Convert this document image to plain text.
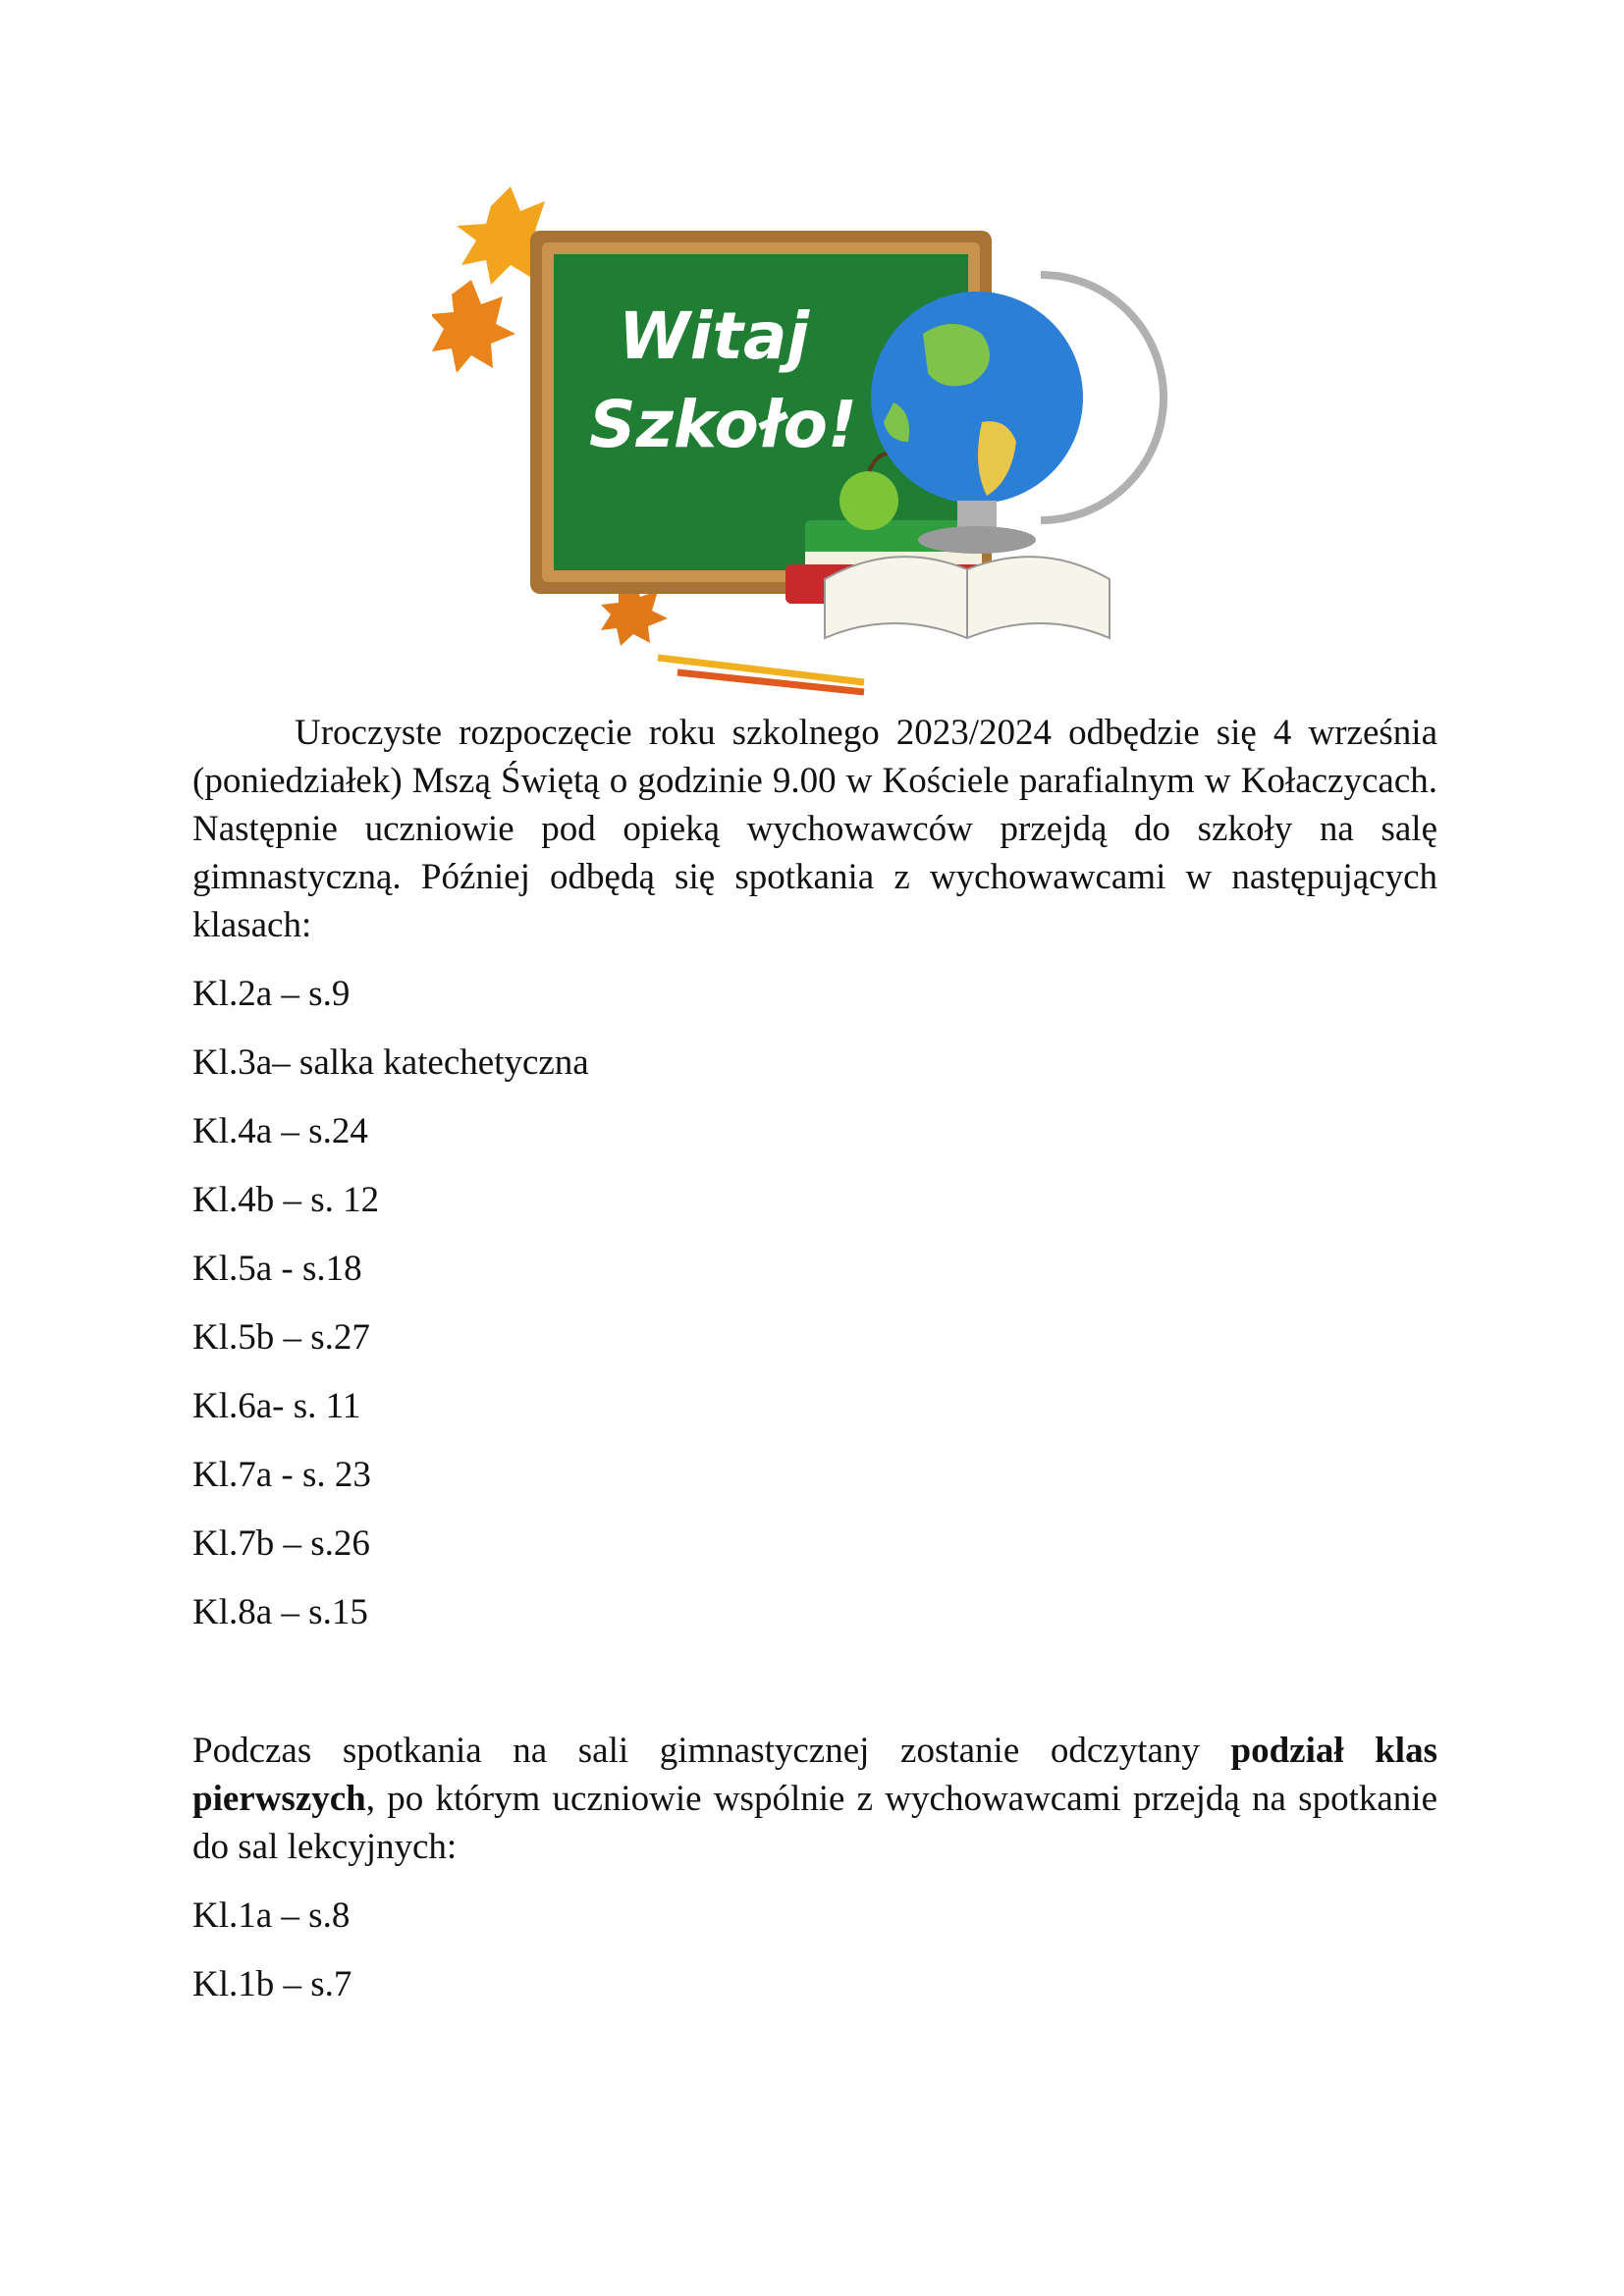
Witaj
Szkoło!

Uroczyste rozpoczęcie roku szkolnego 2023/2024 odbędzie się 4 września (poniedziałek) Mszą Świętą o godzinie 9.00 w Kościele parafialnym w Kołaczycach. Następnie uczniowie pod opieką wychowawców przejdą do szkoły na salę gimnastyczną. Później odbędą się spotkania z wychowawcami w następujących klasach:

Kl.2a – s.9
Kl.3a– salka katechetyczna
Kl.4a – s.24
Kl.4b – s. 12
Kl.5a - s.18
Kl.5b – s.27
Kl.6a- s. 11
Kl.7a - s. 23
Kl.7b – s.26
Kl.8a – s.15

Podczas spotkania na sali gimnastycznej zostanie odczytany podział klas pierwszych, po którym uczniowie wspólnie z wychowawcami przejdą na spotkanie do sal lekcyjnych:

Kl.1a – s.8
Kl.1b – s.7
